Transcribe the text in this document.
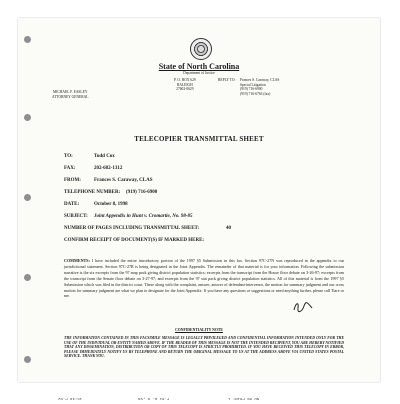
State of North Carolina
Department of Justice
MICHAEL F. EASLEY
ATTORNEY GENERAL
P. O. BOX 629
RALEIGH
27602-0629
REPLY TO: Frances S. Caraway, CLAS
Special Litigation
(919) 716-6900
(919) 716-6763 (fax)
TELECOPIER TRANSMITTAL SHEET
TO:	Todd Cox
FAX:	202-682-1312
FROM:	Frances S. Caraway, CLAS
TELEPHONE NUMBER: (919) 716-6900
DATE:	October 8, 1998
SUBJECT: Joint Appendix in Hunt v. Cromartie, No. 98-85
NUMBER OF PAGES INCLUDING TRANSMITTAL SHEET:	40
CONFIRM RECEIPT OF DOCUMENT(S) IF MARKED HERE:
COMMENTS: I have included the entire introductory portion of the 1997 §5 Submission in this fax. Section 97C-27N was reproduced in the appendix to our jurisdictional statement. Section 97C-27R is being designated in the Joint Appendix. The remainder of that material is for your information. Following the submission narrative is the six excerpts from the 97 map pack giving district population statistics; excerpts from the transcript from the House floor debate on 3-26-97; excerpts from the transcript from the Senate floor debate on 3-27-97; and excerpts from the 97 stat pack giving district population statistics. All of this material is from the 1997 §5 Submission which was filed in the district court. These along with the complaint, answer, answer of defendant-intervenor, the motion for summary judgment and our cross motion for summary judgment are what we plan to designate for the Joint Appendix. If you have any questions or suggestions or need anything further, please call Tiare or me.
CONFIDENTIALITY NOTE
THE INFORMATION CONTAINED IN THIS FACSIMILE MESSAGE IS LEGALLY PRIVILEGED AND CONFIDENTIAL INFORMATION INTENDED ONLY FOR THE USE OF THE INDIVIDUAL OR ENTITY NAMED ABOVE. IF THE READER OF THIS MESSAGE IS NOT THE INTENDED RECIPIENT, YOU ARE HEREBY NOTIFIED THAT ANY DISSEMINATION, DISTRIBUTION OR COPY OF THIS TELECOPY IS STRICTLY PROHIBITED. IF YOU HAVE RECEIVED THIS TELECOPY IN ERROR, PLEASE IMMEDIATELY NOTIFY US BY TELEPHONE AND RETURN THE ORIGINAL MESSAGE TO US AT THE ADDRESS ABOVE VIA UNITED STATES POSTAL SERVICE. THANK YOU.
NO 06 PRINT I
P.01 8- 8 ,98
15:48 P.02
